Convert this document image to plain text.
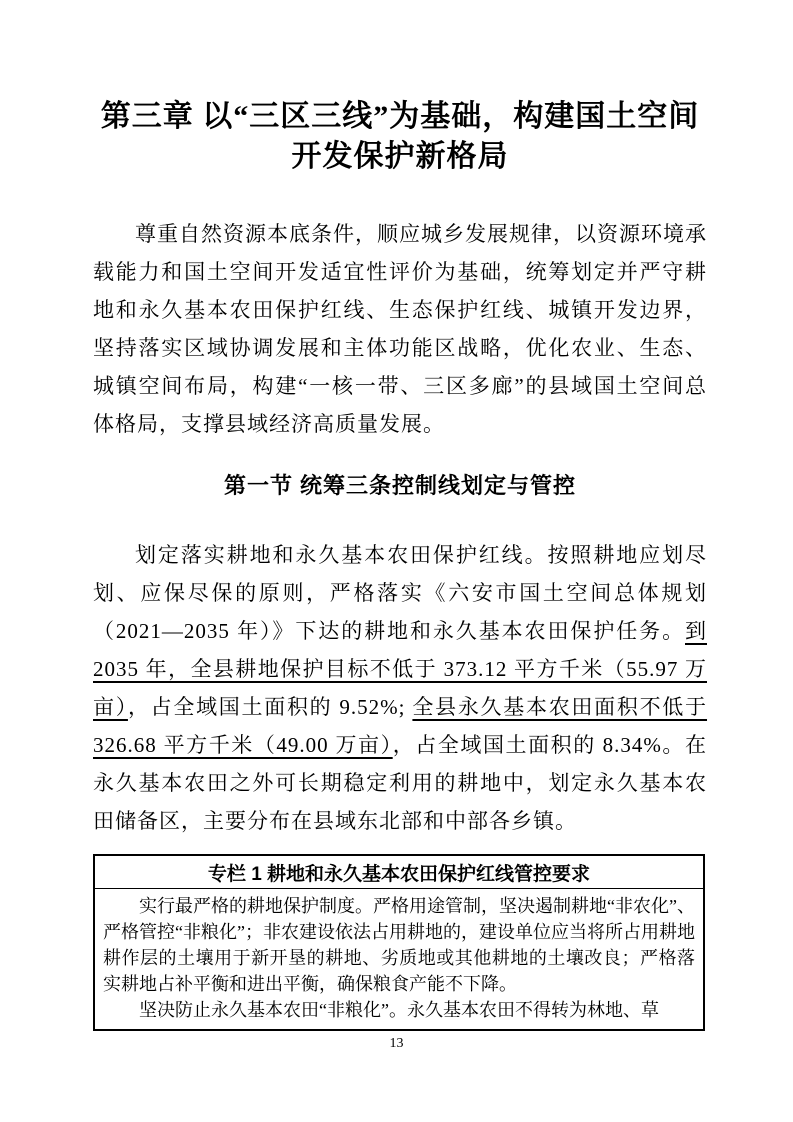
第三章 以“三区三线”为基础，构建国土空间
开发保护新格局

尊重自然资源本底条件，顺应城乡发展规律，以资源环境承载能力和国土空间开发适宜性评价为基础，统筹划定并严守耕地和永久基本农田保护红线、生态保护红线、城镇开发边界，坚持落实区域协调发展和主体功能区战略，优化农业、生态、城镇空间布局，构建“一核一带、三区多廊”的县域国土空间总体格局，支撑县域经济高质量发展。

第一节 统筹三条控制线划定与管控

划定落实耕地和永久基本农田保护红线。按照耕地应划尽划、应保尽保的原则，严格落实《六安市国土空间总体规划（2021—2035 年）》下达的耕地和永久基本农田保护任务。到 2035 年，全县耕地保护目标不低于 373.12 平方千米（55.97 万亩），占全域国土面积的 9.52%; 全县永久基本农田面积不低于 326.68 平方千米（49.00 万亩），占全域国土面积的 8.34%。在永久基本农田之外可长期稳定利用的耕地中，划定永久基本农田储备区，主要分布在县域东北部和中部各乡镇。

专栏 1 耕地和永久基本农田保护红线管控要求

实行最严格的耕地保护制度。严格用途管制，坚决遏制耕地“非农化”、严格管控“非粮化”；非农建设依法占用耕地的，建设单位应当将所占用耕地耕作层的土壤用于新开垦的耕地、劣质地或其他耕地的土壤改良；严格落实耕地占补平衡和进出平衡，确保粮食产能不下降。

坚决防止永久基本农田“非粮化”。永久基本农田不得转为林地、草

13
